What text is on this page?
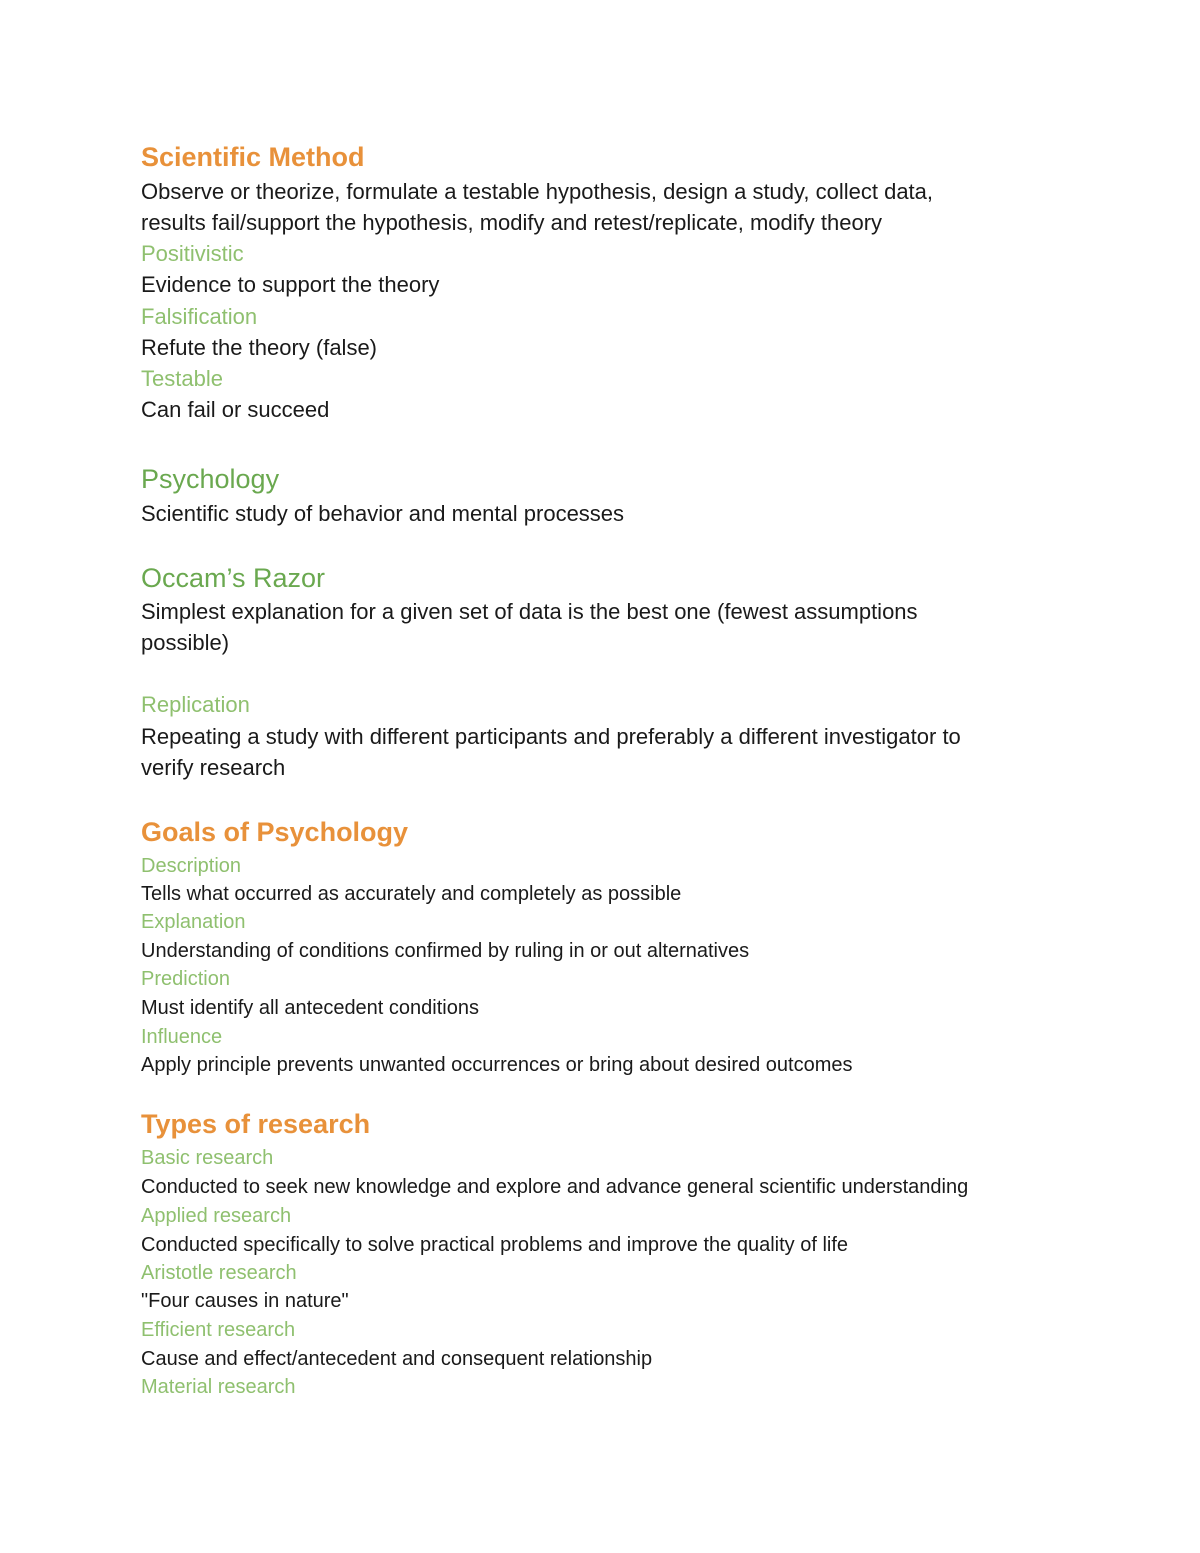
Scientific Method

Observe or theorize, formulate a testable hypothesis, design a study, collect data,

results fail/support the hypothesis, modify and retest/replicate, modify theory

Positivistic

Evidence to support the theory

Falsification

Refute the theory (false)

Testable

Can fail or succeed

Psychology

Scientific study of behavior and mental processes

Occam’s Razor

Simplest explanation for a given set of data is the best one (fewest assumptions

possible)

Replication

Repeating a study with different participants and preferably a different investigator to

verify research

Goals of Psychology

Description

Tells what occurred as accurately and completely as possible

Explanation

Understanding of conditions confirmed by ruling in or out alternatives

Prediction

Must identify all antecedent conditions

Influence

Apply principle prevents unwanted occurrences or bring about desired outcomes

Types of research

Basic research

Conducted to seek new knowledge and explore and advance general scientific understanding

Applied research

Conducted specifically to solve practical problems and improve the quality of life

Aristotle research

"Four causes in nature"

Efficient research

Cause and effect/antecedent and consequent relationship

Material research
